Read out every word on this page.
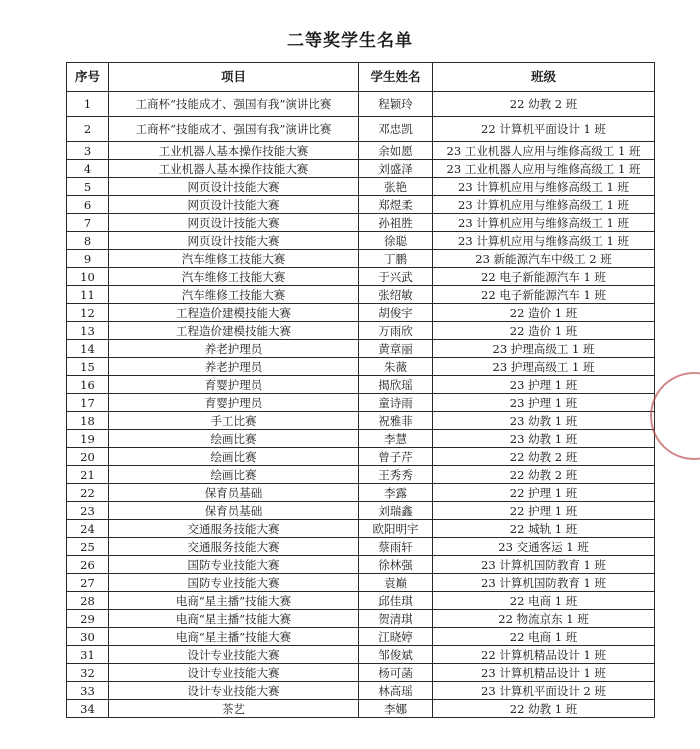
二等奖学生名单
序号	项目	学生姓名	班级
1	工商杯“技能成才、强国有我”演讲比赛	程颖玲	22 幼教 2 班
2	工商杯“技能成才、强国有我”演讲比赛	邓忠凯	22 计算机平面设计 1 班
3	工业机器人基本操作技能大赛	余如愿	23 工业机器人应用与维修高级工 1 班
4	工业机器人基本操作技能大赛	刘盛泽	23 工业机器人应用与维修高级工 1 班
5	网页设计技能大赛	张艳	23 计算机应用与维修高级工 1 班
6	网页设计技能大赛	郑煜柔	23 计算机应用与维修高级工 1 班
7	网页设计技能大赛	孙祖胜	23 计算机应用与维修高级工 1 班
8	网页设计技能大赛	徐聪	23 计算机应用与维修高级工 1 班
9	汽车维修工技能大赛	丁鹏	23 新能源汽车中级工 2 班
10	汽车维修工技能大赛	于兴武	22 电子新能源汽车 1 班
11	汽车维修工技能大赛	张绍敏	22 电子新能源汽车 1 班
12	工程造价建模技能大赛	胡俊宇	22 造价 1 班
13	工程造价建模技能大赛	万雨欣	22 造价 1 班
14	养老护理员	黄章丽	23 护理高级工 1 班
15	养老护理员	朱薇	23 护理高级工 1 班
16	育婴护理员	揭欣瑶	23 护理 1 班
17	育婴护理员	童诗雨	23 护理 1 班
18	手工比赛	祝雅菲	23 幼教 1 班
19	绘画比赛	李慧	23 幼教 1 班
20	绘画比赛	曾子芹	22 幼教 2 班
21	绘画比赛	王秀秀	22 幼教 2 班
22	保育员基础	李露	22 护理 1 班
23	保育员基础	刘瑞鑫	22 护理 1 班
24	交通服务技能大赛	欧阳明宇	22 城轨 1 班
25	交通服务技能大赛	蔡雨轩	23 交通客运 1 班
26	国防专业技能大赛	徐林强	23 计算机国防教育 1 班
27	国防专业技能大赛	袁巅	23 计算机国防教育 1 班
28	电商“星主播”技能大赛	邱佳琪	22 电商 1 班
29	电商“星主播”技能大赛	贺清琪	22 物流京东 1 班
30	电商“星主播”技能大赛	江晓婷	22 电商 1 班
31	设计专业技能大赛	邹俊斌	22 计算机精品设计 1 班
32	设计专业技能大赛	杨可菡	23 计算机精品设计 1 班
33	设计专业技能大赛	林高瑶	23 计算机平面设计 2 班
34	茶艺	李娜	22 幼教 1 班
